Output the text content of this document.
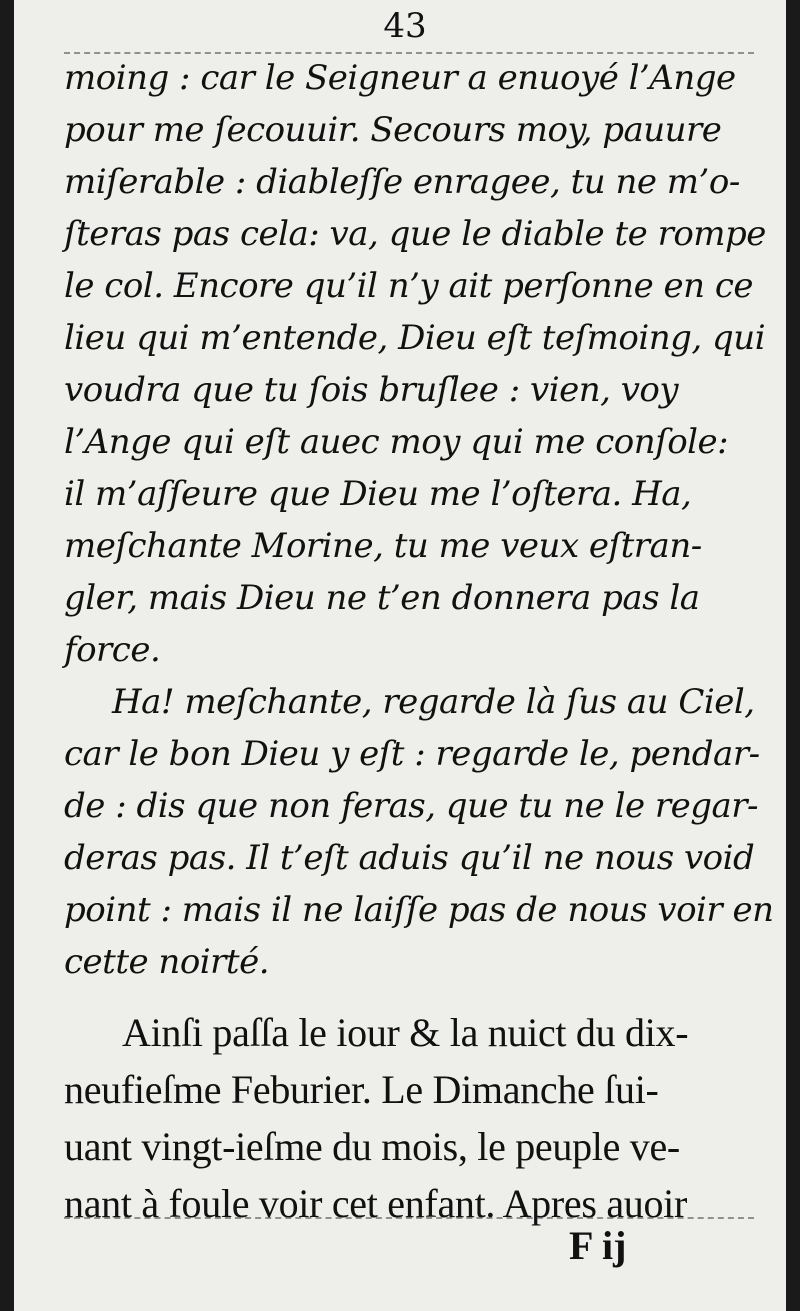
43
moing : car le Seigneur a enuoyé l’Ange
pour me ſecouuir. Secours moy, pauure
miſerable : diableſſe enragee, tu ne m’o-
ſteras pas cela: va, que le diable te rompe
le col. Encore qu’il n’y ait perſonne en ce
lieu qui m’entende, Dieu eſt teſmoing, qui
voudra que tu ſois bruſlee : vien, voy
l’Ange qui eſt auec moy qui me conſole:
il m’aſſeure que Dieu me l’oſtera. Ha,
meſchante Morine, tu me veux eſtran-
gler, mais Dieu ne t’en donnera pas la
force.
Ha! meſchante, regarde là ſus au Ciel,
car le bon Dieu y eſt : regarde le, pendar-
de : dis que non feras, que tu ne le regar-
deras pas. Il t’eſt aduis qu’il ne nous void
point : mais il ne laiſſe pas de nous voir en
cette noirté.
Ainſi paſſa le iour & la nuict du dix-
neufieſme Feburier. Le Dimanche ſui-
uant vingt-ieſme du mois, le peuple ve-
nant à foule voir cet enfant. Apres auoir
F ij
